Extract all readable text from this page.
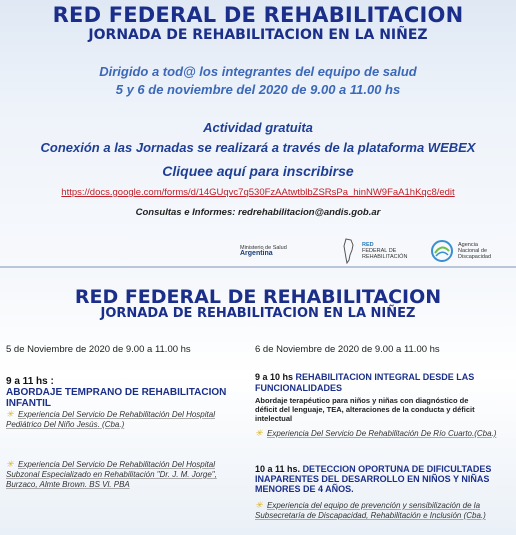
RED FEDERAL DE REHABILITACION
JORNADA DE REHABILITACION EN LA NIÑEZ
Dirigido a tod@ los integrantes del equipo de salud
5 y 6 de noviembre del 2020 de 9.00 a 11.00 hs
Actividad gratuita
Conexión a las Jornadas se realizará a través de la plataforma WEBEX
Cliquee aquí para inscribirse
https://docs.google.com/forms/d/14GUqvc7q530FzAAtwtblbZSRsPa_hinNW9FaA1hKqc8/edit
Consultas e Informes: redrehabilitacion@andis.gob.ar
Ministerio de Salud
Argentina
RED
FEDERAL DE
REHABILITACIÓN
Agencia
Nacional de
Discapacidad
RED FEDERAL DE REHABILITACION
JORNADA DE REHABILITACION EN LA NIÑEZ
5 de Noviembre de 2020 de 9.00 a 11.00 hs	6 de Noviembre de 2020 de 9.00 a 11.00 hs
9 a 11 hs : ABORDAJE TEMPRANO DE REHABILITACION INFANTIL
✳ Experiencia Del Servicio De Rehabilitación Del Hospital Pediátrico Del Niño Jesús. (Cba.)
✳ Experiencia Del Servicio De Rehabilitación Del Hospital Subzonal Especializado en Rehabilitación "Dr. J. M. Jorge", Burzaco, Almte Brown. BS Vl. PBA
9 a 10 hs REHABILITACION INTEGRAL DESDE LAS FUNCIONALIDADES
Abordaje terapéutico para niños y niñas con diagnóstico de déficit del lenguaje, TEA, alteraciones de la conducta y déficit intelectual
✳ Experiencia Del Servicio De Rehabilitación De Río Cuarto.(Cba.)
10 a 11 hs. DETECCION OPORTUNA DE DIFICULTADES INAPARENTES DEL DESARROLLO EN NIÑOS Y NIÑAS MENORES DE 4 AÑOS.
✳ Experiencia del equipo de prevención y sensibilización de la Subsecretaría de Discapacidad, Rehabilitación e Inclusión (Cba.)
